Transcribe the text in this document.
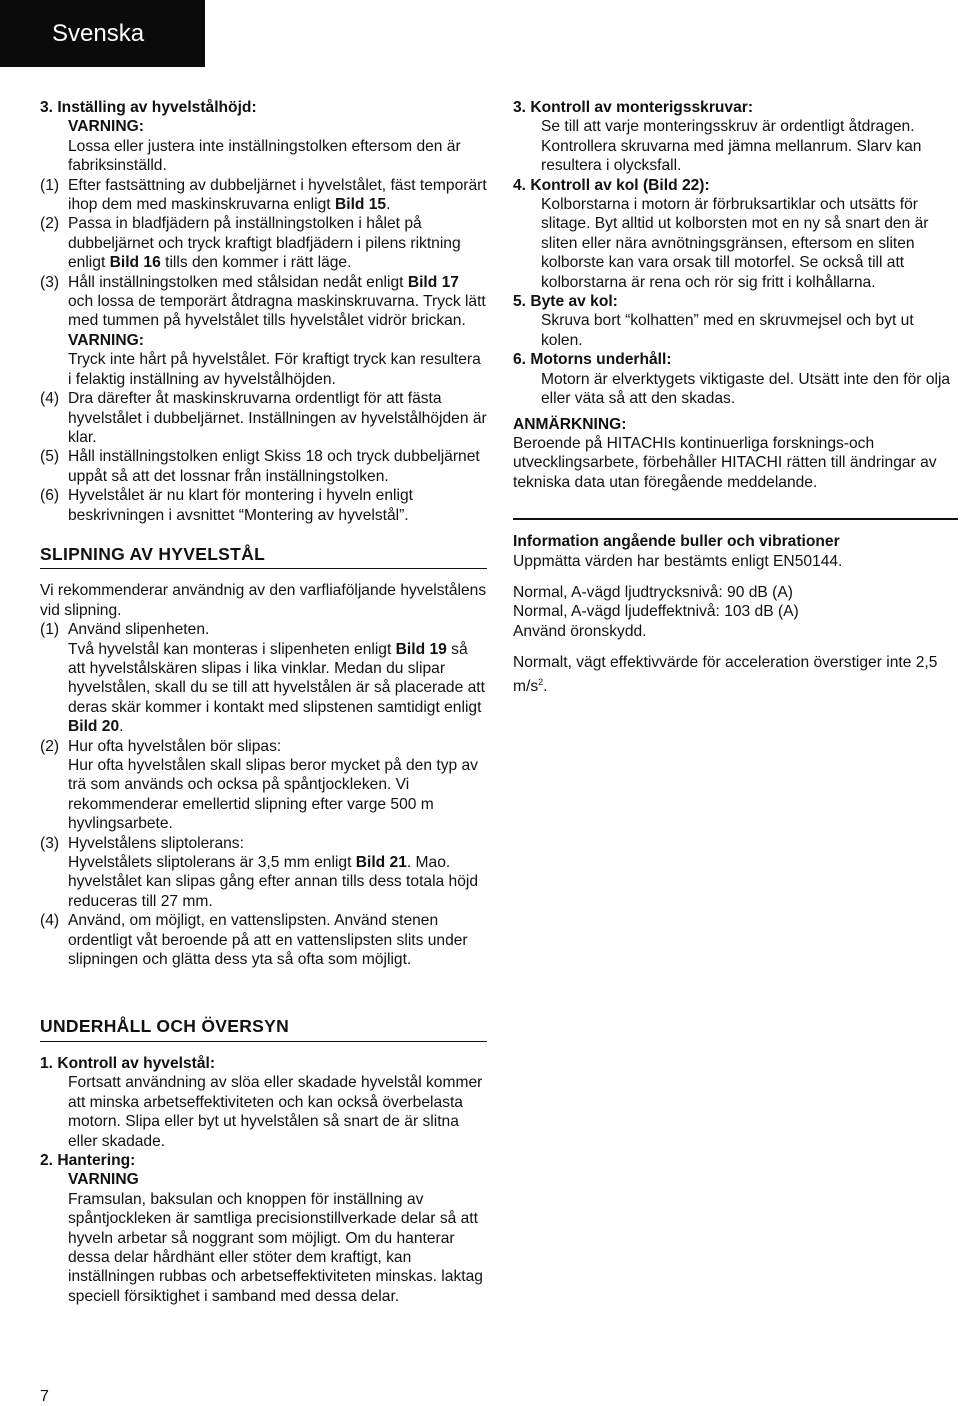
Svenska
3. Inställing av hyvelstålhöjd:
VARNING:
Lossa eller justera inte inställningstolken eftersom den är fabriksinställd.
(1) Efter fastsättning av dubbeljärnet i hyvelstålet, fäst temporärt ihop dem med maskinskruvarna enligt Bild 15.
(2) Passa in bladfjädern på inställningstolken i hålet på dubbeljärnet och tryck kraftigt bladfjädern i pilens riktning enligt Bild 16 tills den kommer i rätt läge.
(3) Håll inställningstolken med stålsidan nedåt enligt Bild 17 och lossa de temporärt åtdragna maskinskruvarna. Tryck lätt med tummen på hyvelstålet tills hyvelstålet vidrör brickan.
VARNING:
Tryck inte hårt på hyvelstålet. För kraftigt tryck kan resultera i felaktig inställning av hyvelstålhöjden.
(4) Dra därefter åt maskinskruvarna ordentligt för att fästa hyvelstålet i dubbeljärnet. Inställningen av hyvelstålhöjden är klar.
(5) Håll inställningstolken enligt Skiss 18 och tryck dubbeljärnet uppåt så att det lossnar från inställningstolken.
(6) Hyvelstålet är nu klart för montering i hyveln enligt beskrivningen i avsnittet “Montering av hyvelstål”.
SLIPNING AV HYVELSTÅL
Vi rekommenderar användnig av den varfliaföljande hyvelstålens vid slipning.
(1) Använd slipenheten.
Två hyvelstål kan monteras i slipenheten enligt Bild 19 så att hyvelstålskären slipas i lika vinklar. Medan du slipar hyvelstålen, skall du se till att hyvelstålen är så placerade att deras skär kommer i kontakt med slipstenen samtidigt enligt Bild 20.
(2) Hur ofta hyvelstålen bör slipas:
Hur ofta hyvelstålen skall slipas beror mycket på den typ av trä som används och ocksa på spåntjockleken. Vi rekommenderar emellertid slipning efter varge 500 m hyvlingsarbete.
(3) Hyvelstålens sliptolerans:
Hyvelstålets sliptolerans är 3,5 mm enligt Bild 21. Mao. hyvelstålet kan slipas gång efter annan tills dess totala höjd reduceras till 27 mm.
(4) Använd, om möjligt, en vattenslipsten. Använd stenen ordentligt våt beroende på att en vattenslipsten slits under slipningen och glätta dess yta så ofta som möjligt.
UNDERHÅLL OCH ÖVERSYN
1. Kontroll av hyvelstål:
Fortsatt användning av slöa eller skadade hyvelstål kommer att minska arbetseffektiviteten och kan också överbelasta motorn. Slipa eller byt ut hyvelstålen så snart de är slitna eller skadade.
2. Hantering:
VARNING
Framsulan, baksulan och knoppen för inställning av spåntjockleken är samtliga precisionstillverkade delar så att hyveln arbetar så noggrant som möjligt. Om du hanterar dessa delar hårdhänt eller stöter dem kraftigt, kan inställningen rubbas och arbetseffektiviteten minskas. laktag speciell försiktighet i samband med dessa delar.
3. Kontroll av monterigsskruvar:
Se till att varje monteringsskruv är ordentligt åtdragen. Kontrollera skruvarna med jämna mellanrum. Slarv kan resultera i olycksfall.
4. Kontroll av kol (Bild 22):
Kolborstarna i motorn är förbruksartiklar och utsätts för slitage. Byt alltid ut kolborsten mot en ny så snart den är sliten eller nära avnötningsgränsen, eftersom en sliten kolborste kan vara orsak till motorfel. Se också till att kolborstarna är rena och rör sig fritt i kolhållarna.
5. Byte av kol:
Skruva bort “kolhatten” med en skruvmejsel och byt ut kolen.
6. Motorns underhåll:
Motorn är elverktygets viktigaste del. Utsätt inte den för olja eller väta så att den skadas.
ANMÄRKNING:
Beroende på HITACHIs kontinuerliga forsknings-och utvecklingsarbete, förbehåller HITACHI rätten till ändringar av tekniska data utan föregående meddelande.
Information angående buller och vibrationer
Uppmätta värden har bestämts enligt EN50144.
Normal, A-vägd ljudtrycksnivå: 90 dB (A)
Normal, A-vägd ljudeffektnivå: 103 dB (A)
Använd öronskydd.
Normalt, vägt effektivvärde för acceleration överstiger inte 2,5 $m/s^2$.
7
